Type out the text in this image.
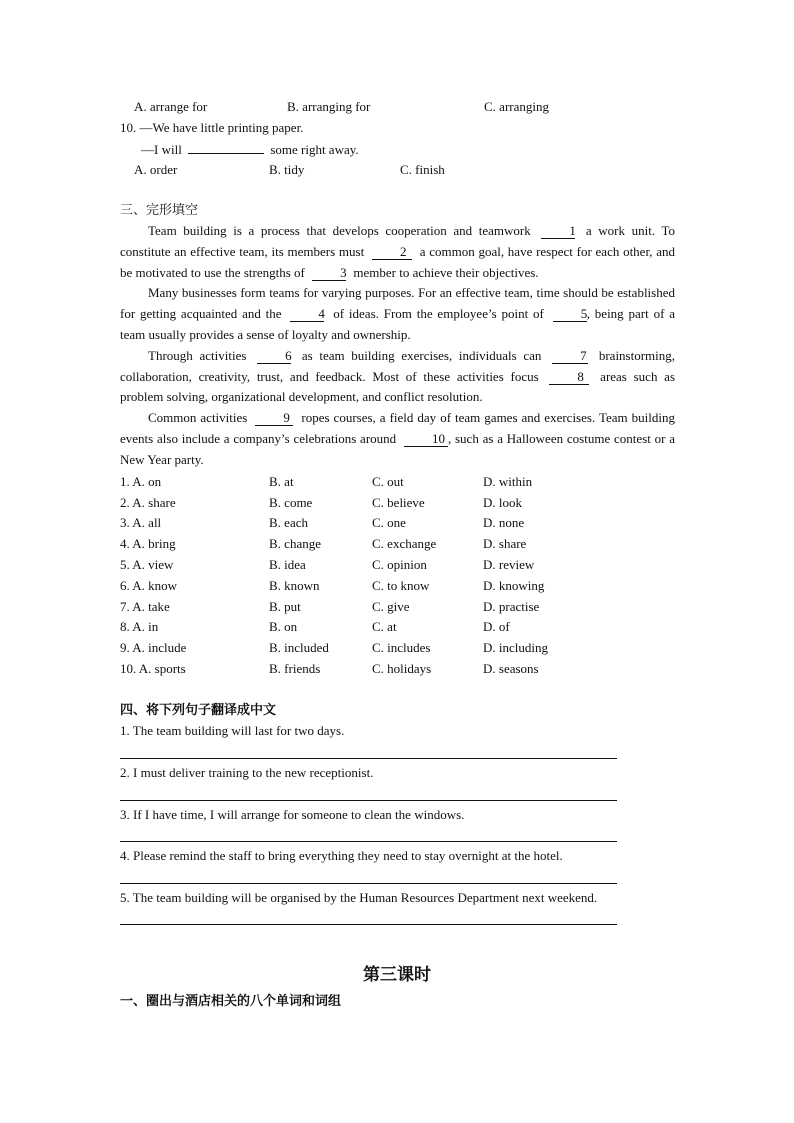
A. arrange for	B. arranging for	C. arranging
10. —We have little printing paper.
—I will	some right away.
A. order	B. tidy	C. finish
三、完形填空

Team building is a process that develops cooperation and teamwork	1 a work unit. To constitute an effective team, its members must	2 a common goal, have respect for each other, and be motivated to use the strengths of	3 member to achieve their objectives.

Many businesses form teams for varying purposes. For an effective team, time should be established for getting acquainted and the	4 of ideas. From the employee’s point of	5, being part of a team usually provides a sense of loyalty and ownership.

Through activities	6 as team building exercises, individuals can	7 brainstorming, collaboration, creativity, trust, and feedback. Most of these activities focus	8 areas such as problem solving, organizational development, and conflict resolution.

Common activities	9 ropes courses, a field day of team games and exercises. Team building events also include a company’s celebrations around	10 , such as a Halloween costume contest or a New Year party.

1. A. on	B. at	C. out	D. within
2. A. share	B. come	C. believe	D. look
3. A. all	B. each	C. one	D. none
4. A. bring	B. change	C. exchange	D. share
5. A. view	B. idea	C. opinion	D. review
6. A. know	B. known	C. to know	D. knowing
7. A. take	B. put	C. give	D. practise
8. A. in	B. on	C. at	D. of
9. A. include	B. included	C. includes	D. including
10. A. sports	B. friends	C. holidays	D. seasons
四、将下列句子翻译成中文
1. The team building will last for two days.
2. I must deliver training to the new receptionist.
3. If I have time, I will arrange for someone to clean the windows.
4. Please remind the staff to bring everything they need to stay overnight at the hotel.
5. The team building will be organised by the Human Resources Department next weekend.
第三课时
一、圈出与酒店相关的八个单词和词组
